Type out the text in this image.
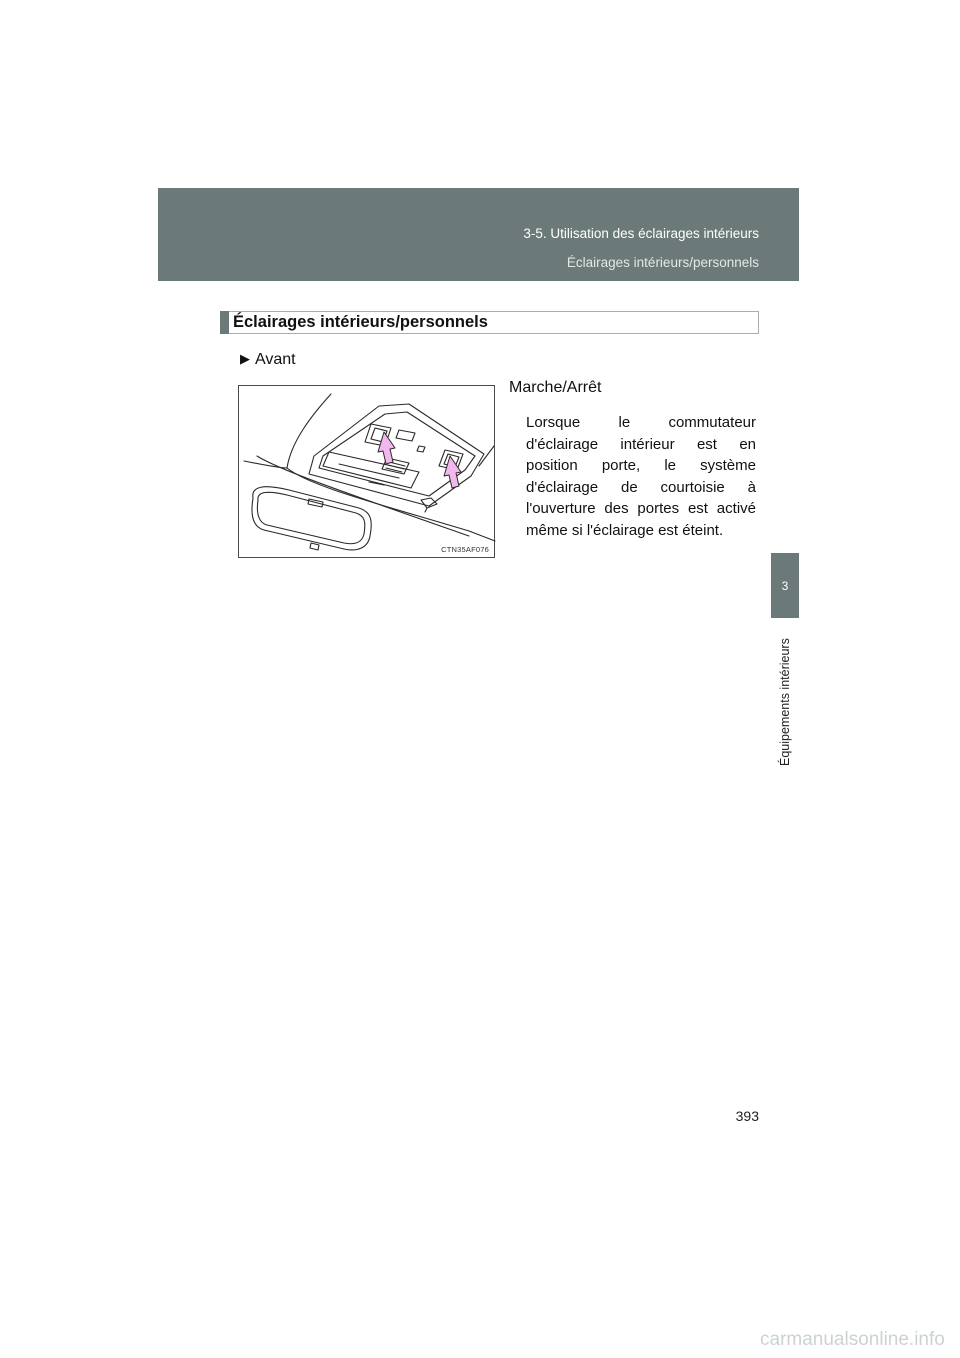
3-5. Utilisation des éclairages intérieurs
Éclairages intérieurs/personnels
3
Équipements intérieurs
Éclairages intérieurs/personnels
▶ Avant
CTN35AF076
Marche/Arrêt
Lorsque le commutateur d'éclairage intérieur est en position porte, le système d'éclairage de courtoisie à l'ouverture des portes est activé même si l'éclairage est éteint.
393
carmanualsonline.info
